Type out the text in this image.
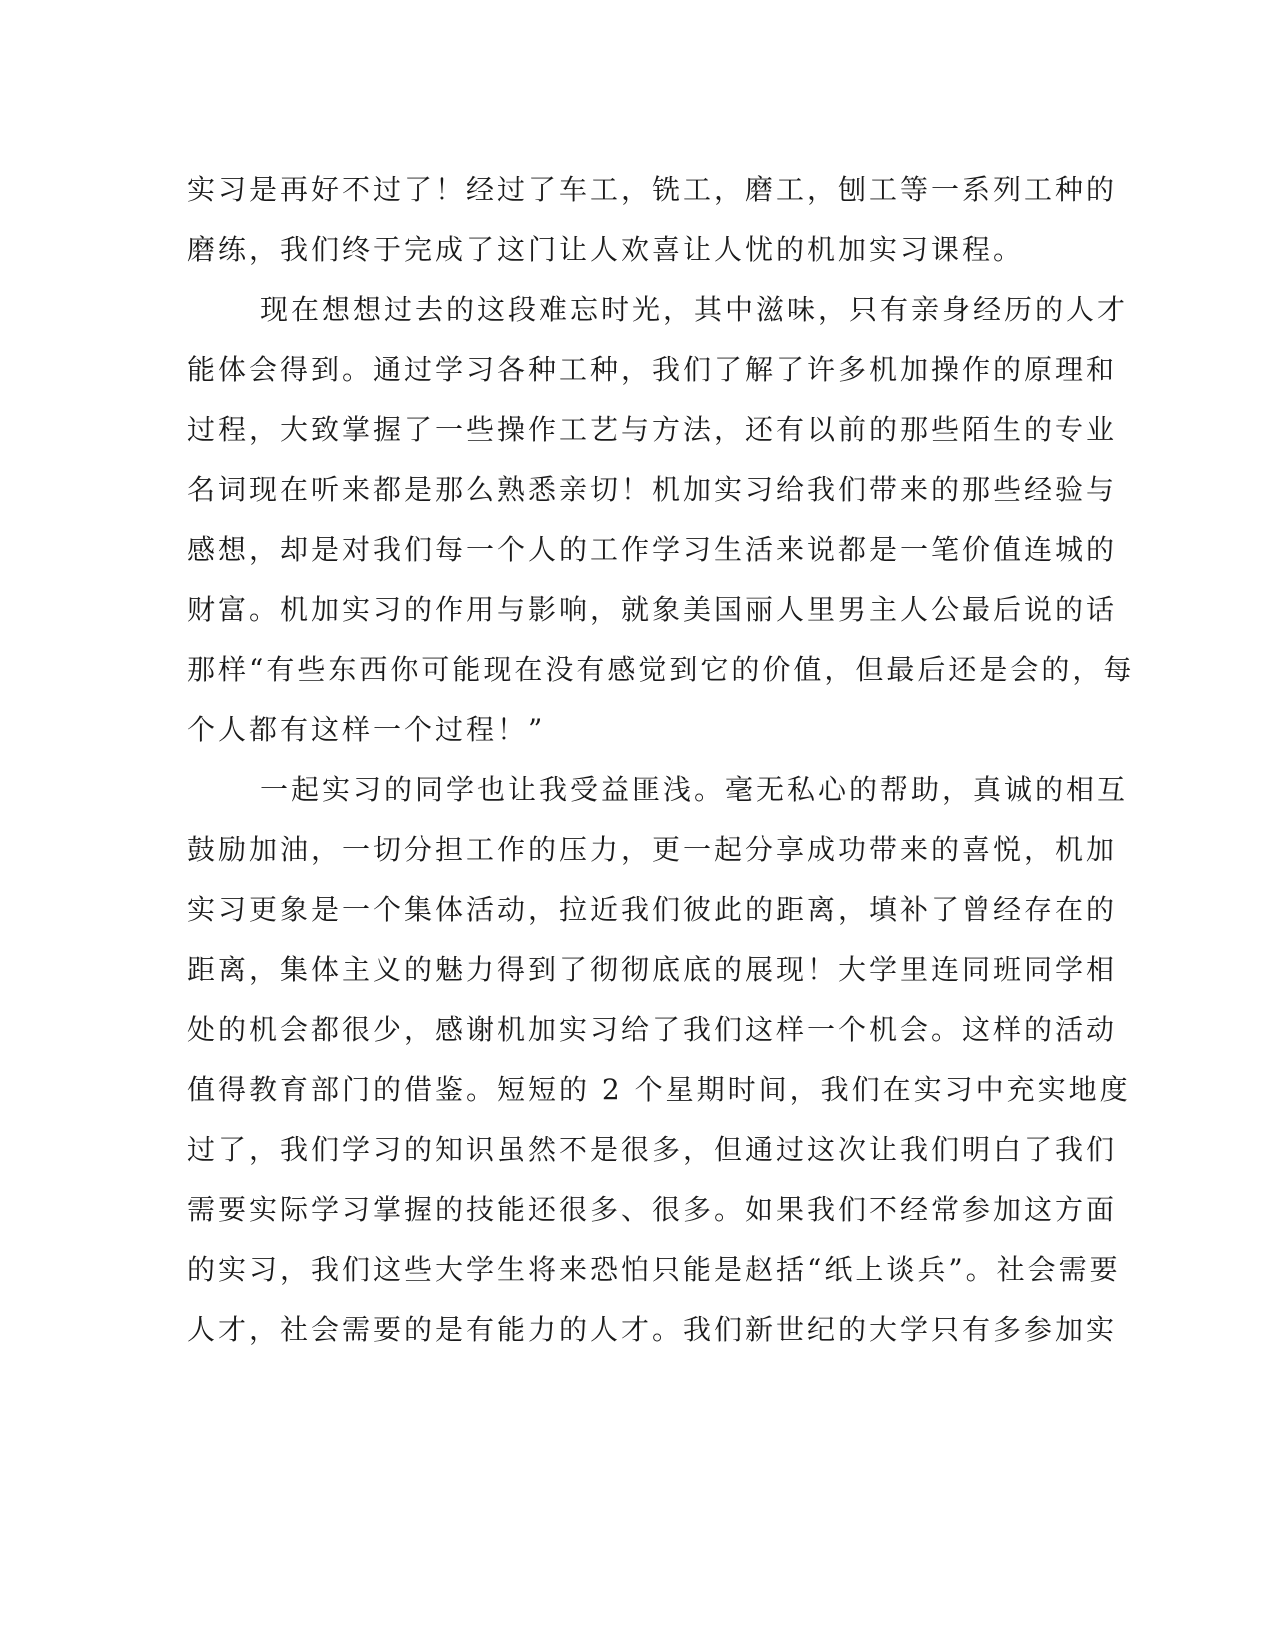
实习是再好不过了！经过了车工，铣工，磨工，刨工等一系列工种的
磨练，我们终于完成了这门让人欢喜让人忧的机加实习课程。
现在想想过去的这段难忘时光，其中滋味，只有亲身经历的人才
能体会得到。通过学习各种工种，我们了解了许多机加操作的原理和
过程，大致掌握了一些操作工艺与方法，还有以前的那些陌生的专业
名词现在听来都是那么熟悉亲切！机加实习给我们带来的那些经验与
感想，却是对我们每一个人的工作学习生活来说都是一笔价值连城的
财富。机加实习的作用与影响，就象美国丽人里男主人公最后说的话
那样“有些东西你可能现在没有感觉到它的价值，但最后还是会的，每
个人都有这样一个过程！”
一起实习的同学也让我受益匪浅。毫无私心的帮助，真诚的相互
鼓励加油，一切分担工作的压力，更一起分享成功带来的喜悦，机加
实习更象是一个集体活动，拉近我们彼此的距离，填补了曾经存在的
距离，集体主义的魅力得到了彻彻底底的展现！大学里连同班同学相
处的机会都很少，感谢机加实习给了我们这样一个机会。这样的活动
值得教育部门的借鉴。短短的 2 个星期时间，我们在实习中充实地度
过了，我们学习的知识虽然不是很多，但通过这次让我们明白了我们
需要实际学习掌握的技能还很多、很多。如果我们不经常参加这方面
的实习，我们这些大学生将来恐怕只能是赵括“纸上谈兵”。社会需要
人才，社会需要的是有能力的人才。我们新世纪的大学只有多参加实
